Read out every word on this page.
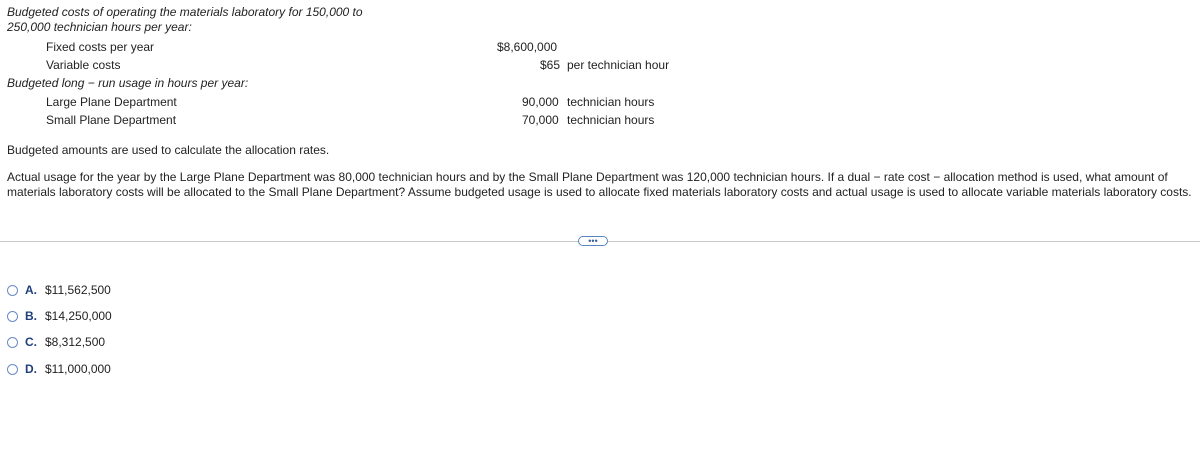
Budgeted costs of operating the materials laboratory for 150,000 to
250,000 technician hours per year:
Fixed costs per year	$8,600,000
Variable costs	$65 per technician hour
Budgeted long − run usage in hours per year:
Large Plane Department	90,000 technician hours
Small Plane Department	70,000 technician hours
Budgeted amounts are used to calculate the allocation rates.
Actual usage for the year by the Large Plane Department was 80,000 technician hours and by the Small Plane Department was 120,000 technician hours. If a dual − rate cost − allocation method is used, what amount of materials laboratory costs will be allocated to the Small Plane Department? Assume budgeted usage is used to allocate fixed materials laboratory costs and actual usage is used to allocate variable materials laboratory costs.
•••
A. $11,562,500
B. $14,250,000
C. $8,312,500
D. $11,000,000
